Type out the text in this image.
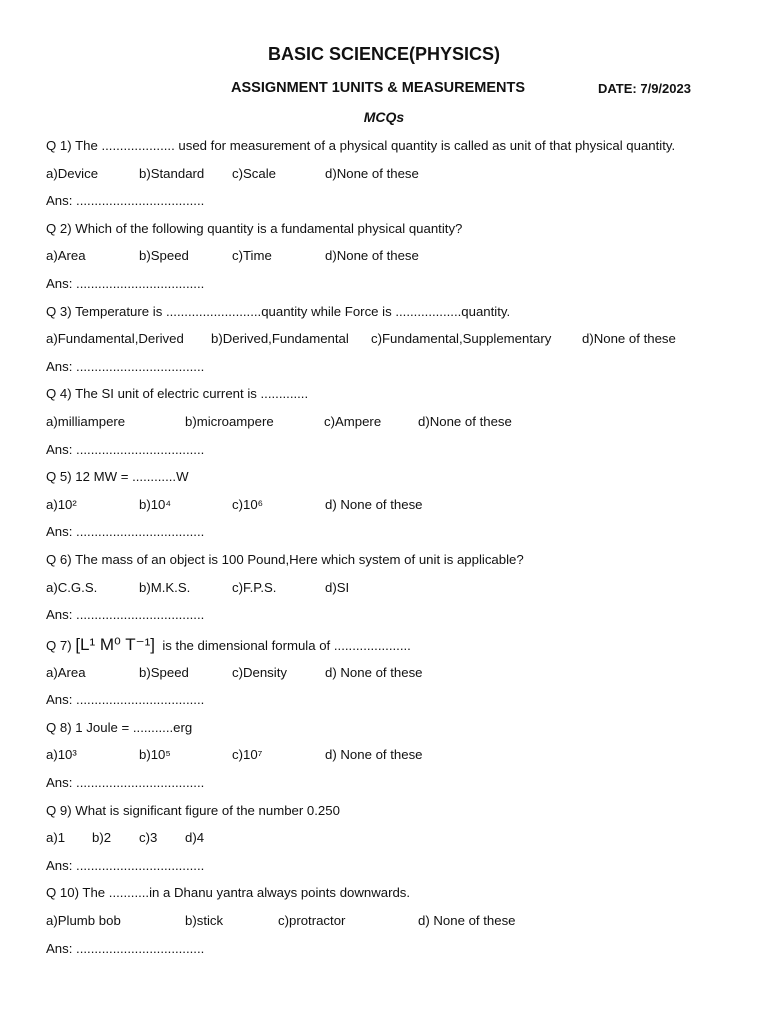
BASIC SCIENCE(PHYSICS)
ASSIGNMENT 1UNITS & MEASUREMENTS	DATE: 7/9/2023
MCQs
Q 1) The .................... used for measurement of a physical quantity is called as unit of that physical quantity.
a)Device	b)Standard c)Scale	d)None of these
Ans: ...................................
Q 2) Which of the following quantity is a fundamental physical quantity?
a)Area	b)Speed	c)Time	d)None of these
Ans: ...................................
Q 3) Temperature is ..........................quantity while Force is ..................quantity.
a)Fundamental,Derived b)Derived,Fundamental c)Fundamental,Supplementary d)None of these
Ans: ...................................
Q 4) The SI unit of electric current is .............
a)milliampere	b)microampere	c)Ampere	d)None of these
Ans: ...................................
Q 5) 12 MW = ............W
a)10²	b)10⁴	c)10⁶	d) None of these
Ans: ...................................
Q 6) The mass of an object is 100 Pound,Here which system of unit is applicable?
a)C.G.S.	b)M.K.S.	c)F.P.S.	d)SI
Ans: ...................................
Q 7) [L¹ M⁰ T⁻¹] is the dimensional formula of .....................
a)Area	b)Speed	c)Density	d) None of these
Ans: ...................................
Q 8) 1 Joule = ...........erg
a)10³	b)10⁵	c)10⁷	d) None of these
Ans: ...................................
Q 9) What is significant figure of the number 0.250
a)1 b)2 c)3 d)4
Ans: ...................................
Q 10) The ...........in a Dhanu yantra always points downwards.
a)Plumb bob	b)stick	c)protractor	d) None of these
Ans: ...................................
